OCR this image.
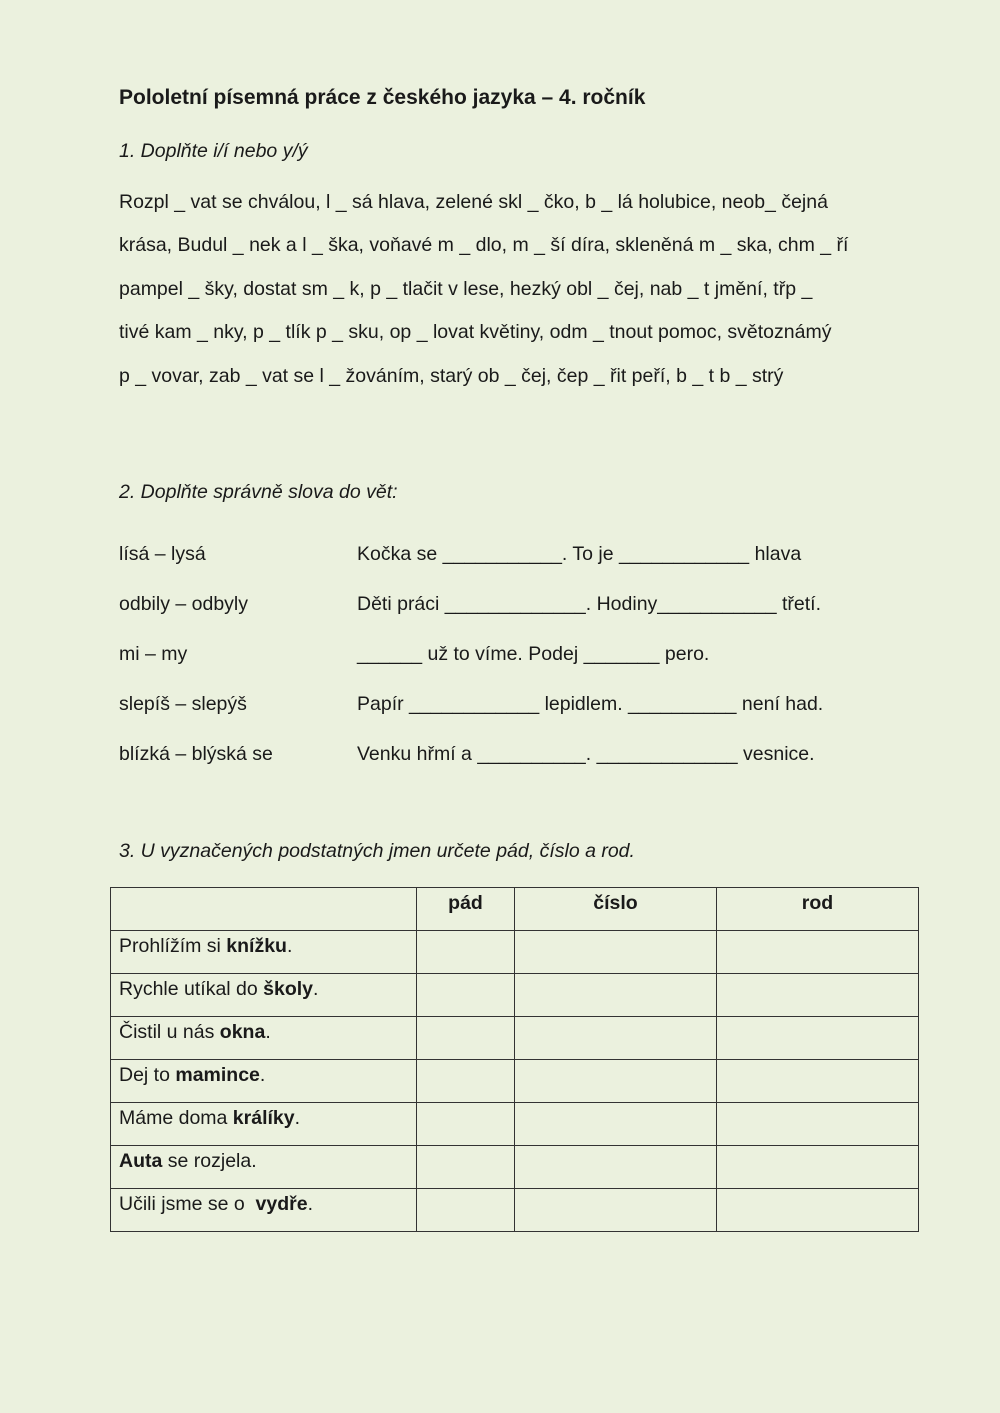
Pololetní písemná práce z českého jazyka – 4. ročník

1. Doplňte i/í nebo y/ý

Rozpl _ vat se chválou, l _ sá hlava, zelené skl _ čko, b _ lá holubice, neob_ čejná
krása, Budul _ nek a l _ ška, voňavé m _ dlo, m _ ší díra, skleněná m _ ska, chm _ ří
pampel _ šky, dostat sm _ k, p _ tlačit v lese, hezký obl _ čej, nab _ t jmění, třp _
tivé kam _ nky, p _ tlík p _ sku, op _ lovat květiny, odm _ tnout pomoc, světoznámý
p _ vovar, zab _ vat se l _ žováním, starý ob _ čej, čep _ řit peří, b _ t b _ strý

2. Doplňte správně slova do vět:

lísá – lysá	Kočka se ___________. To je ____________ hlava
odbily – odbyly	Děti práci _____________. Hodiny___________ třetí.
mi – my	______ už to víme. Podej _______ pero.
slepíš – slepýš	Papír ____________ lepidlem. __________ není had.
blízká – blýská se	Venku hřmí a __________. _____________ vesnice.

3. U vyznačených podstatných jmen určete pád, číslo a rod.

	pád	číslo	rod
Prohlížím si knížku.			
Rychle utíkal do školy.			
Čistil u nás okna.			
Dej to mamince.			
Máme doma králíky.			
Auta se rozjela.			
Učili jsme se o  vydře.			
